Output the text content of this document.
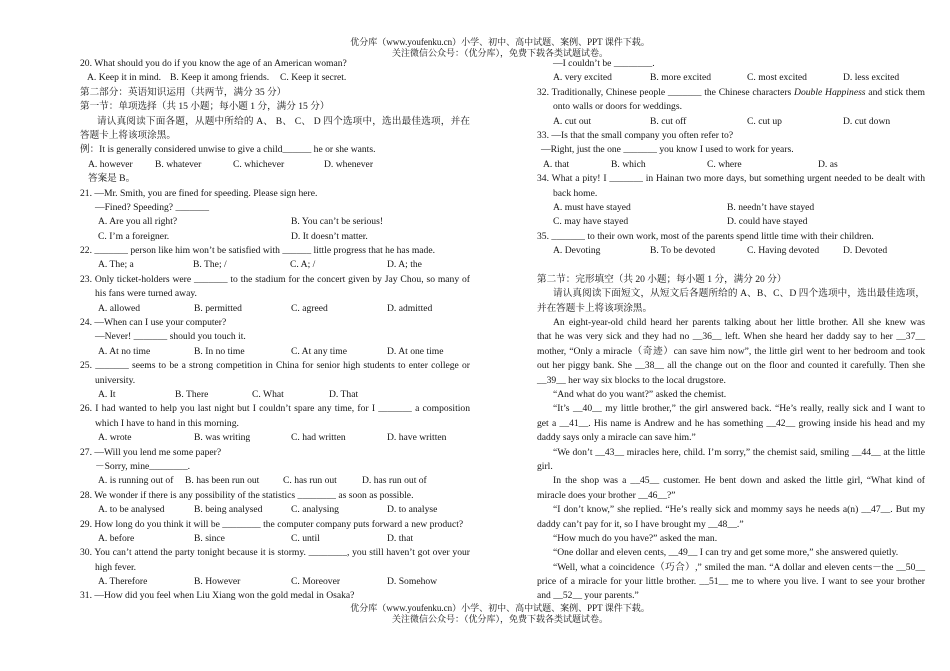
优分库（www.youfenku.cn）小学、初中、高中试题、案例、PPT 课件下载。
关注微信公众号：（优分库），免费下载各类试题试卷。
20. What should you do if you know the age of an American woman?
A. Keep it in mind. B. Keep it among friends. C. Keep it secret.
第二部分：英语知识运用（共两节，满分 35 分）
第一节：单项选择（共 15 小题；每小题 1 分，满分 15 分）
请认真阅读下面各题，从题中所给的 A、 B、 C、 D 四个选项中，选出最佳选项，并在
答题卡上将该项涂黑。
例：It is generally considered unwise to give a child______ he or she wants.
A. however B. whatever	C. whichever	D. whenever
答案是 B。
21. —Mr. Smith, you are fined for speeding. Please sign here.
—Fined? Speeding? _______
A. Are you all right?	B. You can’t be serious!
C. I’m a foreigner.	D. It doesn’t matter.
22. _______ person like him won’t be satisfied with ______ little progress that he has made.
A. The; a	B. The; /	C. A; /	D. A; the
23. Only ticket-holders were _______ to the stadium for the concert given by Jay Chou, so many of
his fans were turned away.
A. allowed	B. permitted	C. agreed	D. admitted
24. —When can I use your computer?
—Never! _______ should you touch it.
A. At no time	B. In no time	C. At any time	D. At one time
25. _______ seems to be a strong competition in China for senior high students to enter college or
university.
A. It	B. There	C. What	D. That
26. I had wanted to help you last night but I couldn’t spare any time, for I _______ a composition
which I have to hand in this morning.
A. wrote	B. was writing	C. had written	D. have written
27. —Will you lend me some paper?
－Sorry, mine________.
A. is running out of B. has been run out C. has run out	D. has run out of
28. We wonder if there is any possibility of the statistics ________ as soon as possible.
A. to be analysed	B. being analysed	C. analysing	D. to analyse
29. How long do you think it will be ________ the computer company puts forward a new product?
A. before	B. since	C. until	D. that
30. You can’t attend the party tonight because it is stormy. ________, you still haven’t got over your
high fever.
A. Therefore	B. However	C. Moreover	D. Somehow
31. —How did you feel when Liu Xiang won the gold medal in Osaka?
—I couldn’t be ________.
A. very excited	B. more excited	C. most excited	D. less excited
32. Traditionally, Chinese people _______ the Chinese characters Double Happiness and stick them
onto walls or doors for weddings.
A. cut out	B. cut off	C. cut up	D. cut down
33. —Is that the small company you often refer to?
—Right, just the one _______ you know I used to work for years.
A. that	B. which	C. where	D. as
34. What a pity! I _______ in Hainan two more days, but something urgent needed to be dealt with
back home.
A. must have stayed	B. needn’t have stayed
C. may have stayed	D. could have stayed
35. _______ to their own work, most of the parents spend little time with their children.
A. Devoting	B. To be devoted	C. Having devoted D. Devoted
第二节：完形填空（共 20 小题；每小题 1 分，满分 20 分）
请认真阅读下面短文，从短文后各题所给的 A、B、C、D 四个选项中，选出最佳选项，
并在答题卡上将该项涂黑。
An eight-year-old child heard her parents talking about her little brother. All she knew was
that he was very sick and they had no __36__ left. When she heard her daddy say to her __37__
mother, “Only a miracle（奇迹）can save him now”, the little girl went to her bedroom and took
out her piggy bank. She __38__ all the change out on the floor and counted it carefully. Then she
__39__ her way six blocks to the local drugstore.
“And what do you want?” asked the chemist.
“It’s __40__ my little brother,” the girl answered back. “He’s really, really sick and I want to
get a __41__. His name is Andrew and he has something __42__ growing inside his head and my
daddy says only a miracle can save him.”
“We don’t __43__ miracles here, child. I’m sorry,” the chemist said, smiling __44__ at the little
girl.
In the shop was a __45__ customer. He bent down and asked the little girl, “What kind of
miracle does your brother __46__?”
“I don’t know,” she replied. “He’s really sick and mommy says he needs a(n) __47__. But my
daddy can’t pay for it, so I have brought my __48__.”
“How much do you have?” asked the man.
“One dollar and eleven cents, __49__ I can try and get some more,” she answered quietly.
“Well, what a coincidence（巧合）,” smiled the man. “A dollar and eleven cents－the __50__
price of a miracle for your little brother. __51__ me to where you live. I want to see your brother
and __52__ your parents.”
优分库（www.youfenku.cn）小学、初中、高中试题、案例、PPT 课件下载。
关注微信公众号：（优分库），免费下载各类试题试卷。
